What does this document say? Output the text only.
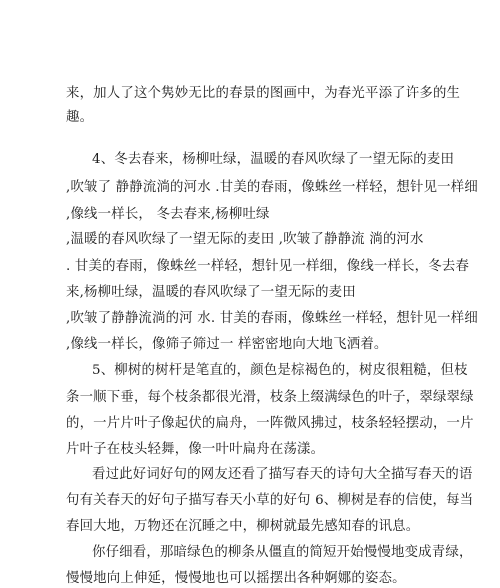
来，加人了这个隽妙无比的春景的图画中，为春光平添了许多的生
趣。
4、冬去春来，杨柳吐绿，温暖的春风吹绿了一望无际的麦田
,吹皱了 静静流淌的河水 .甘美的春雨，像蛛丝一样轻，想针见一样细
,像线一样长， 冬去春来,杨柳吐绿
,温暖的春风吹绿了一望无际的麦田 ,吹皱了静静流 淌的河水
. 甘美的春雨，像蛛丝一样轻，想针见一样细，像线一样长，冬去春
来,杨柳吐绿，温暖的春风吹绿了一望无际的麦田
,吹皱了静静流淌的河 水. 甘美的春雨，像蛛丝一样轻，想针见一样细
,像线一样长，像筛子筛过一 样密密地向大地飞洒着。
5、柳树的树杆是笔直的，颜色是棕褐色的，树皮很粗糙，但枝
条一顺下垂，每个枝条都很光滑，枝条上缀满绿色的叶子，翠绿翠绿
的，一片片叶子像起伏的扁舟，一阵微风拂过，枝条轻轻摆动，一片
片叶子在枝头轻舞，像一叶叶扁舟在荡漾。
看过此好词好句的网友还看了描写春天的诗句大全描写春天的语
句有关春天的好句子描写春天小草的好句 6、柳树是春的信使，每当
春回大地，万物还在沉睡之中，柳树就最先感知春的讯息。
你仔细看，那暗绿色的柳条从僵直的简短开始慢慢地变成青绿，
慢慢地向上伸延，慢慢地也可以摇摆出各种婀娜的姿态。
